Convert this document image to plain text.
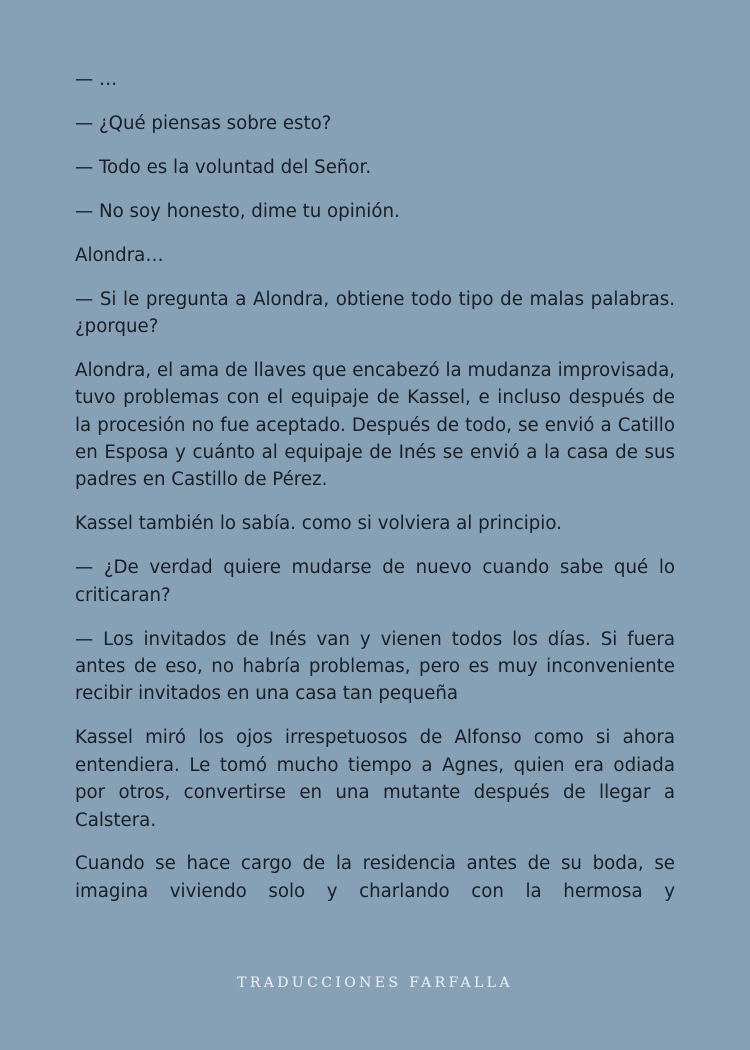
— …

— ¿Qué piensas sobre esto?

— Todo es la voluntad del Señor.

— No soy honesto, dime tu opinión.

Alondra…

— Si le pregunta a Alondra, obtiene todo tipo de malas palabras. ¿porque?

Alondra, el ama de llaves que encabezó la mudanza improvisada, tuvo problemas con el equipaje de Kassel, e incluso después de la procesión no fue aceptado. Después de todo, se envió a Catillo en Esposa y cuánto al equipaje de Inés se envió a la casa de sus padres en Castillo de Pérez.

Kassel también lo sabía. como si volviera al principio.

— ¿De verdad quiere mudarse de nuevo cuando sabe qué lo criticaran?

— Los invitados de Inés van y vienen todos los días. Si fuera antes de eso, no habría problemas, pero es muy inconveniente recibir invitados en una casa tan pequeña

Kassel miró los ojos irrespetuosos de Alfonso como si ahora entendiera. Le tomó mucho tiempo a Agnes, quien era odiada por otros, convertirse en una mutante después de llegar a Calstera.

Cuando se hace cargo de la residencia antes de su boda, se imagina viviendo solo y charlando con la hermosa y

TRADUCCIONES FARFALLA
